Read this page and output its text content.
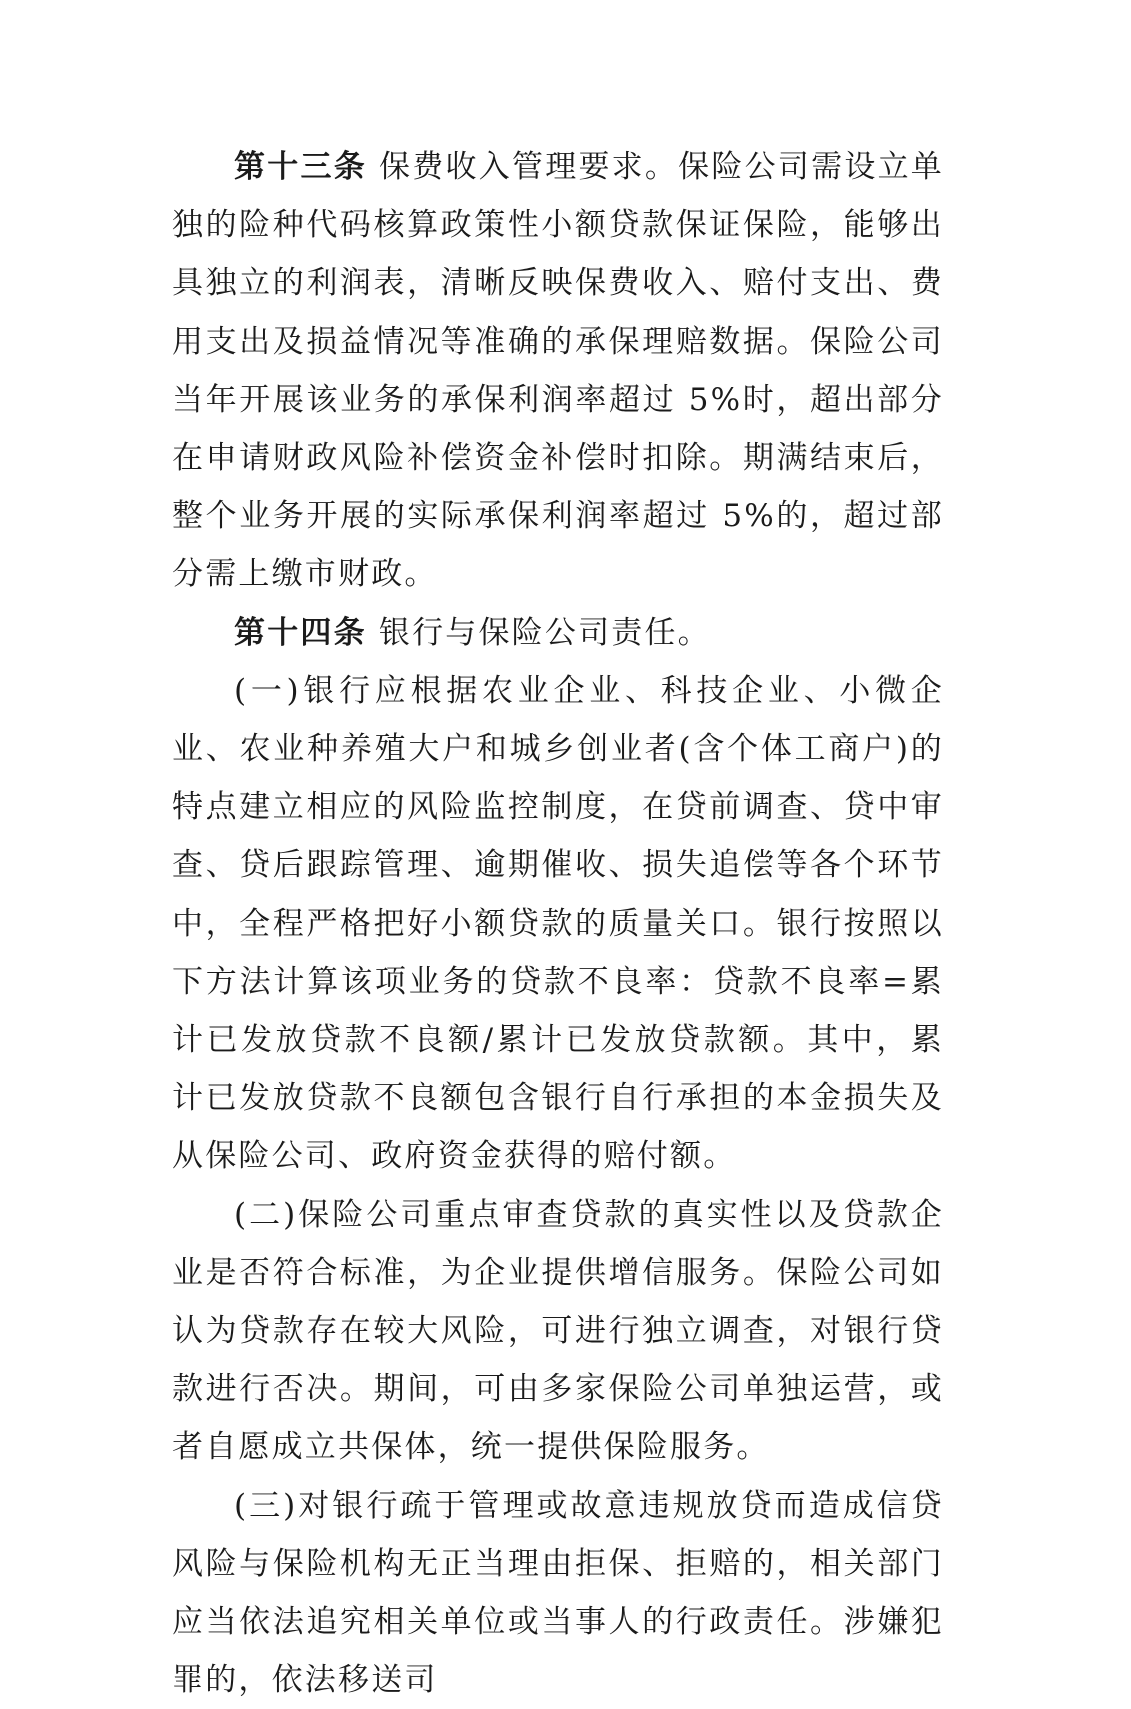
第十三条 保费收入管理要求。保险公司需设立单独的险种代码核算政策性小额贷款保证保险，能够出具独立的利润表，清晰反映保费收入、赔付支出、费用支出及损益情况等准确的承保理赔数据。保险公司当年开展该业务的承保利润率超过 5%时，超出部分在申请财政风险补偿资金补偿时扣除。期满结束后，整个业务开展的实际承保利润率超过 5%的，超过部分需上缴市财政。

第十四条 银行与保险公司责任。

(一)银行应根据农业企业、科技企业、小微企业、农业种养殖大户和城乡创业者(含个体工商户)的特点建立相应的风险监控制度，在贷前调查、贷中审查、贷后跟踪管理、逾期催收、损失追偿等各个环节中，全程严格把好小额贷款的质量关口。银行按照以下方法计算该项业务的贷款不良率：贷款不良率=累计已发放贷款不良额/累计已发放贷款额。其中，累计已发放贷款不良额包含银行自行承担的本金损失及从保险公司、政府资金获得的赔付额。

(二)保险公司重点审查贷款的真实性以及贷款企业是否符合标准，为企业提供增信服务。保险公司如认为贷款存在较大风险，可进行独立调查，对银行贷款进行否决。期间，可由多家保险公司单独运营，或者自愿成立共保体，统一提供保险服务。

(三)对银行疏于管理或故意违规放贷而造成信贷风险与保险机构无正当理由拒保、拒赔的，相关部门应当依法追究相关单位或当事人的行政责任。涉嫌犯罪的，依法移送司
